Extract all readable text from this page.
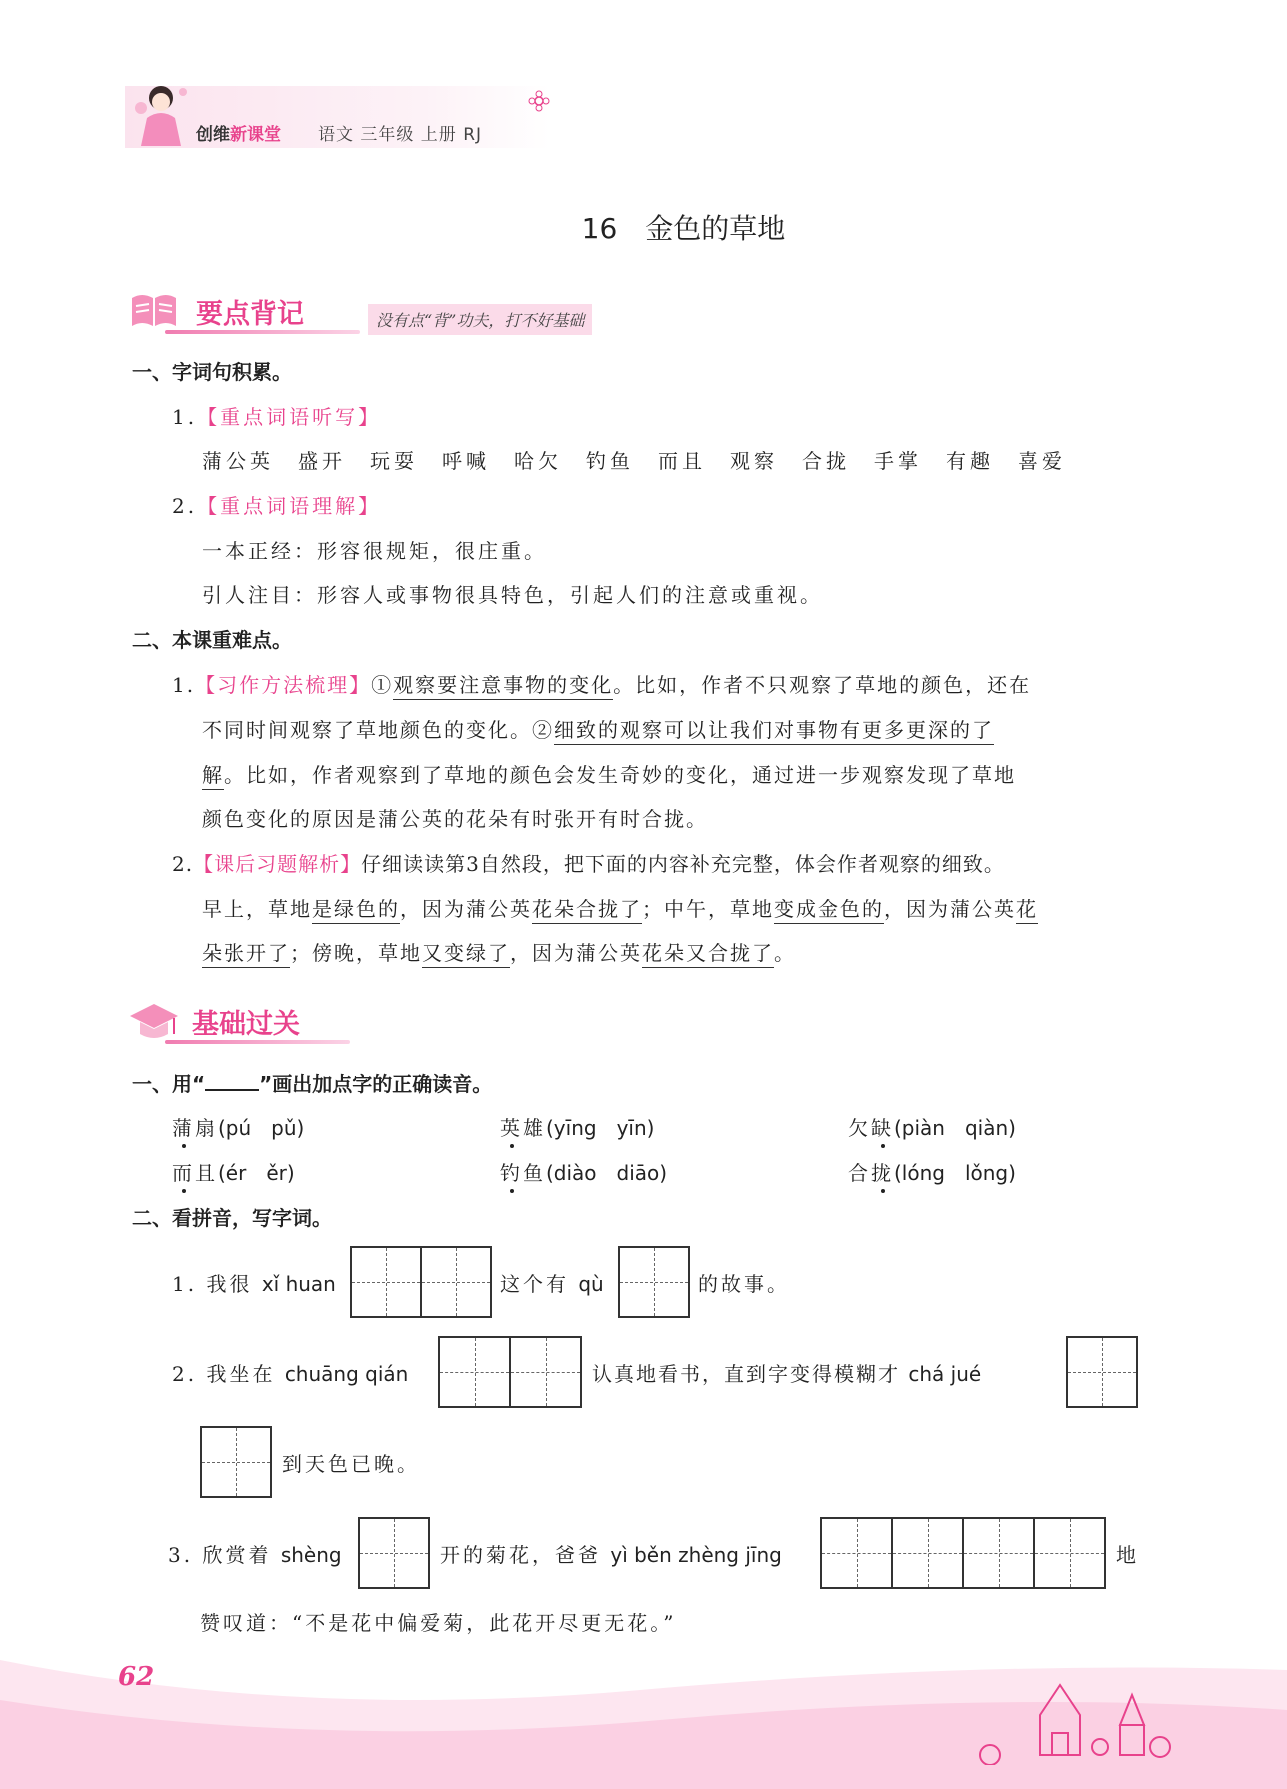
创维新课堂 语文 三年级 上册 RJ
16　金色的草地
要点背记	没有点“背”功夫，打不好基础
一、字词句积累。
1.【重点词语听写】
蒲公英　盛开　玩耍　呼喊　哈欠　钓鱼　而且　观察　合拢　手掌　有趣　喜爱
2.【重点词语理解】
一本正经：形容很规矩，很庄重。
引人注目：形容人或事物很具特色，引起人们的注意或重视。
二、本课重难点。
1.【习作方法梳理】①观察要注意事物的变化。比如，作者不只观察了草地的颜色，还在
不同时间观察了草地颜色的变化。②细致的观察可以让我们对事物有更多更深的了
解。比如，作者观察到了草地的颜色会发生奇妙的变化，通过进一步观察发现了草地
颜色变化的原因是蒲公英的花朵有时张开有时合拢。
2.【课后习题解析】仔细读读第3自然段，把下面的内容补充完整，体会作者观察的细致。
早上，草地是绿色的，因为蒲公英花朵合拢了；中午，草地变成金色的，因为蒲公英花
朵张开了；傍晚，草地又变绿了，因为蒲公英花朵又合拢了。
基础过关
一、用“	”画出加点字的正确读音。
蒲扇(pú　pǔ)	英雄(yīng　yīn)	欠缺(piàn　qiàn)
而且(ér　ěr)	钓鱼(diào　diāo)	合拢(lóng　lǒng)
二、看拼音，写字词。
1. 我很 xǐ huan	这个有 qù	的故事。
2. 我坐在 chuāng qián	认真地看书，直到字变得模糊才 chá jué
到天色已晚。
3. 欣赏着 shèng	开的菊花，爸爸 yì běn zhèng jīng	地
赞叹道：“不是花中偏爱菊，此花开尽更无花。”
62
